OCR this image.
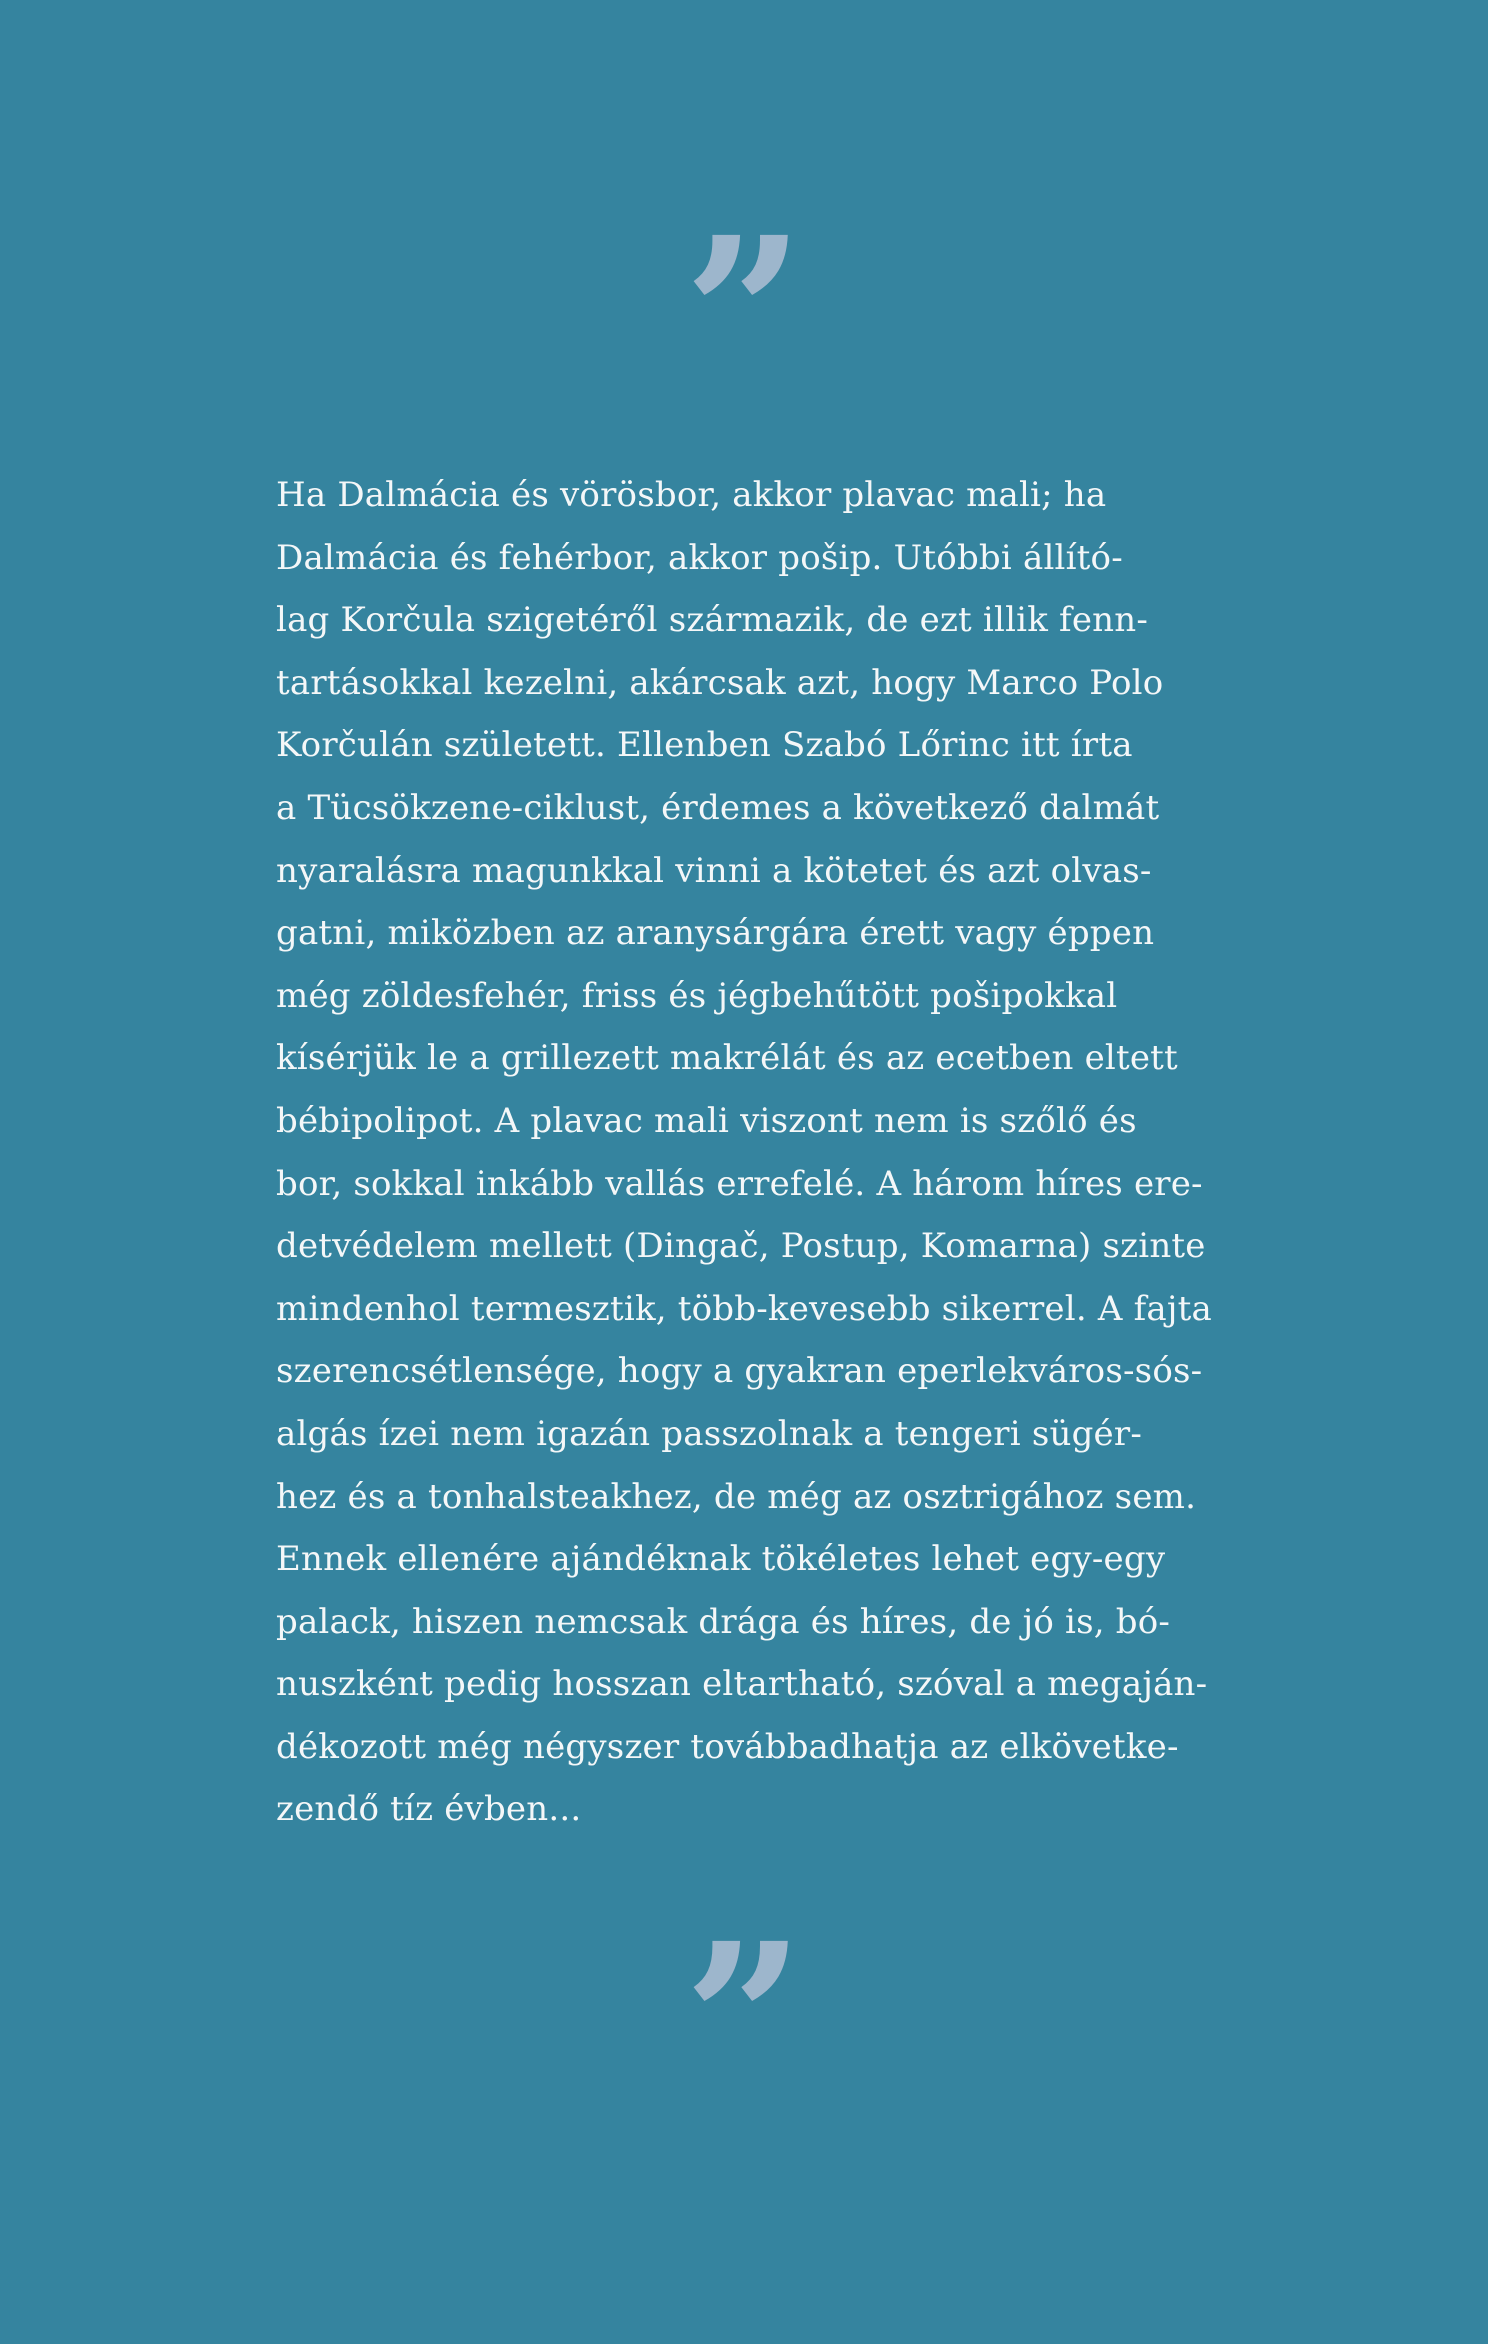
”

Ha Dalmácia és vörösbor, akkor plavac mali; ha
Dalmácia és fehérbor, akkor pošip. Utóbbi állító-
lag Korčula szigetéről származik, de ezt illik fenn-
tartásokkal kezelni, akárcsak azt, hogy Marco Polo
Korčulán született. Ellenben Szabó Lőrinc itt írta
a Tücsökzene-ciklust, érdemes a következő dalmát
nyaralásra magunkkal vinni a kötetet és azt olvas-
gatni, miközben az aranysárgára érett vagy éppen
még zöldesfehér, friss és jégbehűtött pošipokkal
kísérjük le a grillezett makrélát és az ecetben eltett
bébipolipot. A plavac mali viszont nem is szőlő és
bor, sokkal inkább vallás errefelé. A három híres ere-
detvédelem mellett (Dingač, Postup, Komarna) szinte
mindenhol termesztik, több-kevesebb sikerrel. A fajta
szerencsétlensége, hogy a gyakran eperlekváros-sós-
algás ízei nem igazán passzolnak a tengeri sügér-
hez és a tonhalsteakhez, de még az osztrigához sem.
Ennek ellenére ajándéknak tökéletes lehet egy-egy
palack, hiszen nemcsak drága és híres, de jó is, bó-
nuszként pedig hosszan eltartható, szóval a megaján-
dékozott még négyszer továbbadhatja az elkövetke-
zendő tíz évben...

”
